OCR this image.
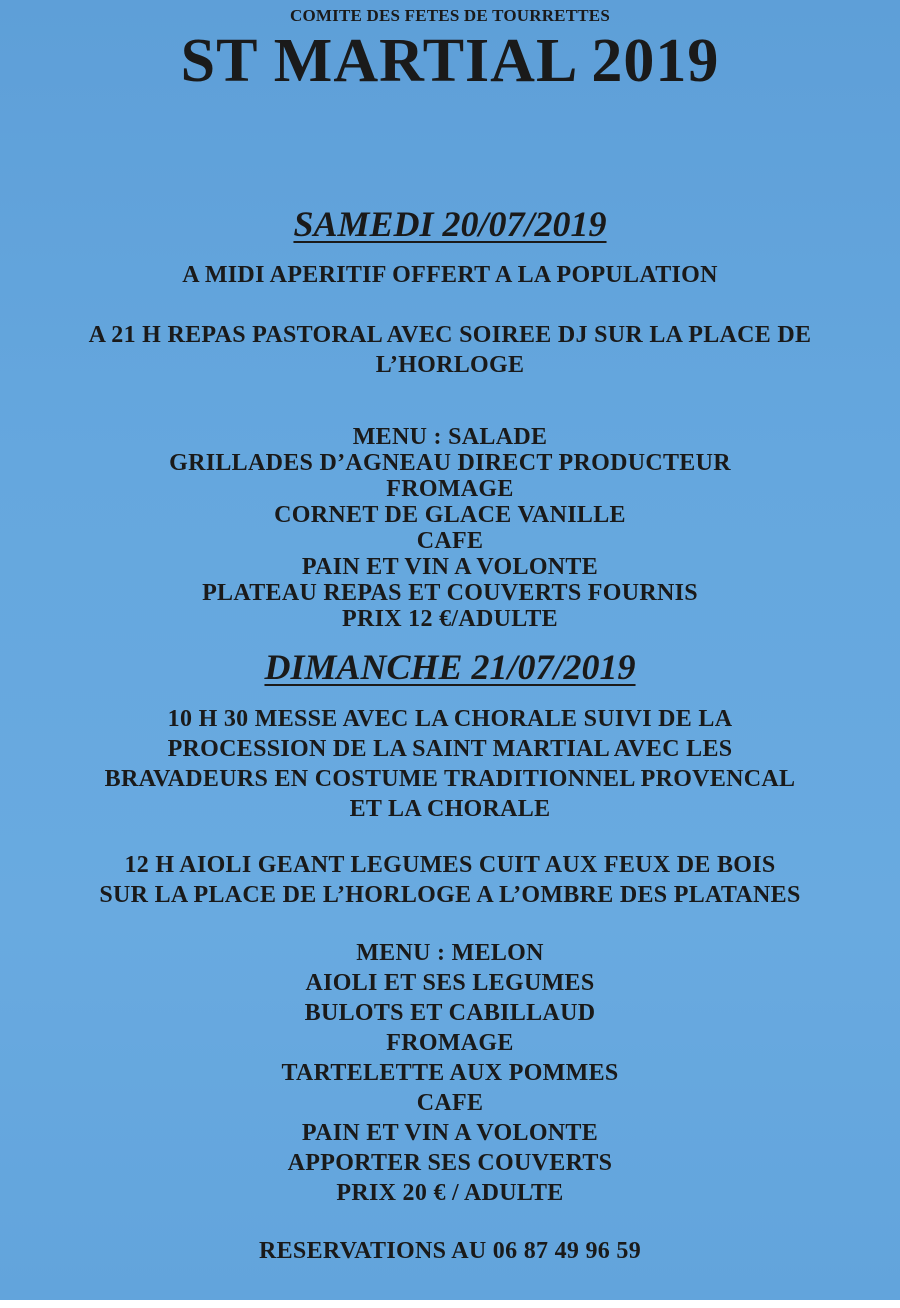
COMITE DES FETES DE TOURRETTES

ST MARTIAL 2019
SAMEDI 20/07/2019

A MIDI APERITIF OFFERT A LA POPULATION

A 21 H REPAS PASTORAL AVEC SOIREE DJ SUR LA PLACE DE

L’HORLOGE

MENU : SALADE

GRILLADES D’AGNEAU DIRECT PRODUCTEUR

FROMAGE

CORNET DE GLACE VANILLE

CAFE

PAIN ET VIN A VOLONTE

PLATEAU REPAS ET COUVERTS FOURNIS

PRIX 12 €/ADULTE

DIMANCHE 21/07/2019

10 H 30 MESSE AVEC LA CHORALE SUIVI DE LA

PROCESSION DE LA SAINT MARTIAL AVEC LES

BRAVADEURS EN COSTUME TRADITIONNEL PROVENCAL

ET LA CHORALE

12 H AIOLI GEANT LEGUMES CUIT AUX FEUX DE BOIS

SUR LA PLACE DE L’HORLOGE A L’OMBRE DES PLATANES

MENU : MELON

AIOLI ET SES LEGUMES

BULOTS ET CABILLAUD

FROMAGE

TARTELETTE AUX POMMES

CAFE

PAIN ET VIN A VOLONTE

APPORTER SES COUVERTS

PRIX 20 € / ADULTE

RESERVATIONS AU 06 87 49 96 59
